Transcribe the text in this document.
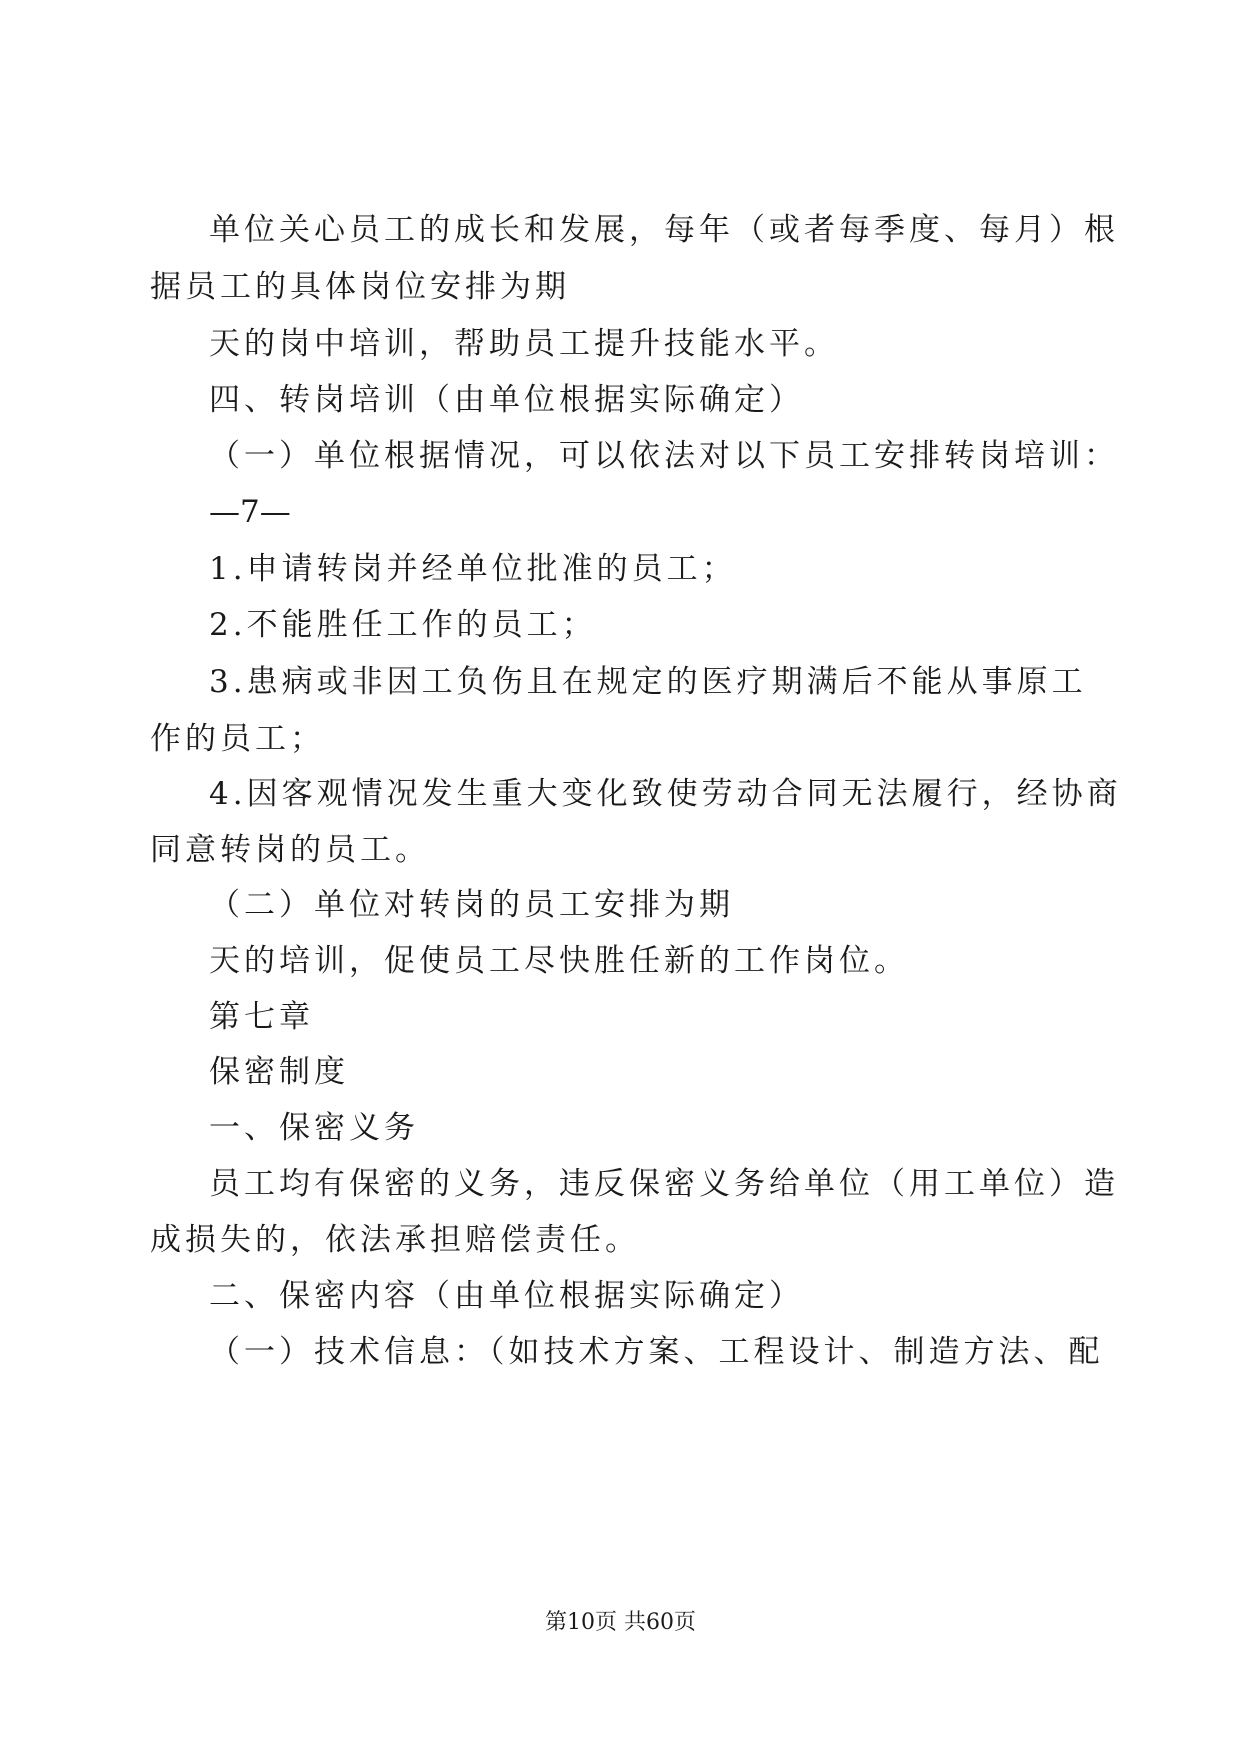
单位关心员工的成长和发展，每年（或者每季度、每月）根
据员工的具体岗位安排为期
天的岗中培训，帮助员工提升技能水平。
四、转岗培训（由单位根据实际确定）
（一）单位根据情况，可以依法对以下员工安排转岗培训：
—7—
1.申请转岗并经单位批准的员工；
2.不能胜任工作的员工；
3.患病或非因工负伤且在规定的医疗期满后不能从事原工
作的员工；
4.因客观情况发生重大变化致使劳动合同无法履行，经协商
同意转岗的员工。
（二）单位对转岗的员工安排为期
天的培训，促使员工尽快胜任新的工作岗位。
第七章
保密制度
一、保密义务
员工均有保密的义务，违反保密义务给单位（用工单位）造
成损失的，依法承担赔偿责任。
二、保密内容（由单位根据实际确定）
（一）技术信息：（如技术方案、工程设计、制造方法、配
第10页 共60页
